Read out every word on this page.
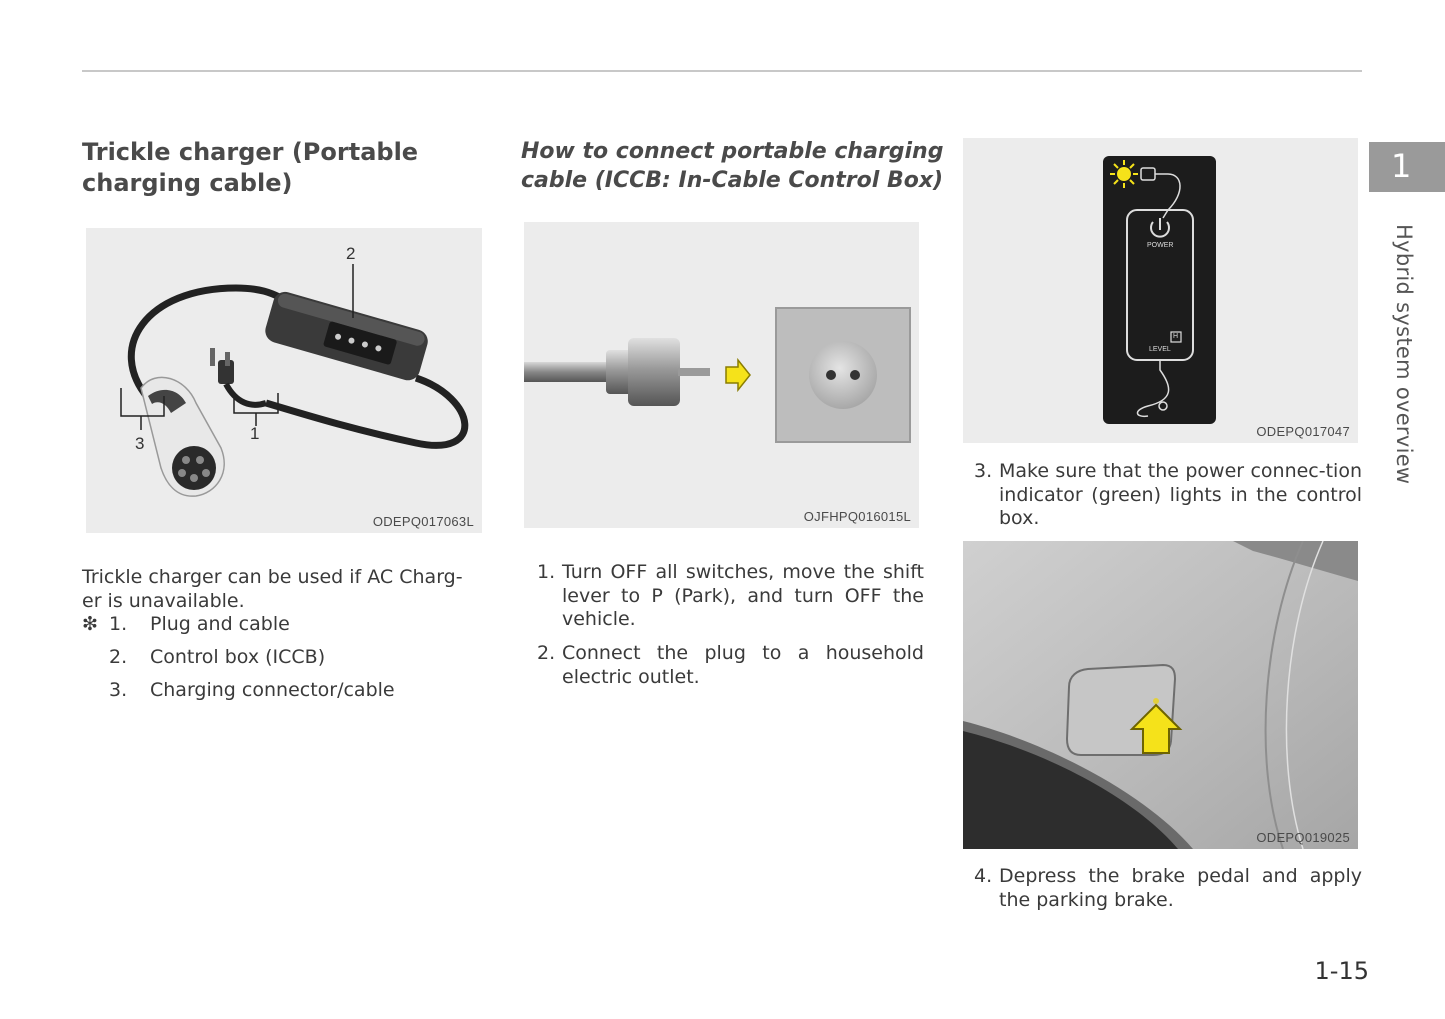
Trickle charger (Portable
charging cable)
2
1
3
ODEPQ017063L

Trickle charger can be used if AC Charg-
er is unavailable.

❇ 1. Plug and cable
2. Control box (ICCB)
3. Charging connector/cable
How to connect portable charging
cable (ICCB: In-Cable Control Box)
OJFHPQ016015L
1. Turn OFF all switches, move the shift lever to P (Park), and turn OFF the vehicle.
2. Connect the plug to a household electric outlet.
POWER
LEVEL
H
ODEPQ017047
3. Make sure that the power connec-tion indicator (green) lights in the control box.
ODEPQ019025
4. Depress the brake pedal and apply the parking brake.
1
Hybrid system overview
1-15
